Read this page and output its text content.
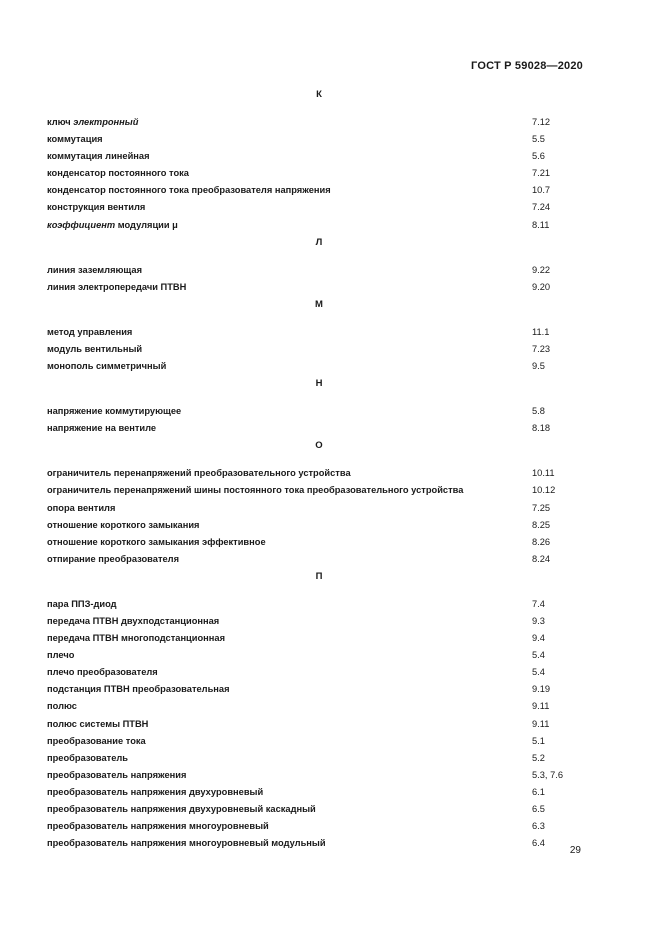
ГОСТ Р 59028—2020
К
ключ электронный	7.12
коммутация	5.5
коммутация линейная	5.6
конденсатор постоянного тока	7.21
конденсатор постоянного тока преобразователя напряжения	10.7
конструкция вентиля	7.24
коэффициент модуляции μ	8.11
Л
линия заземляющая	9.22
линия электропередачи ПТВН	9.20
М
метод управления	11.1
модуль вентильный	7.23
монополь симметричный	9.5
Н
напряжение коммутирующее	5.8
напряжение на вентиле	8.18
О
ограничитель перенапряжений преобразовательного устройства	10.11
ограничитель перенапряжений шины постоянного тока преобразовательного устройства	10.12
опора вентиля	7.25
отношение короткого замыкания	8.25
отношение короткого замыкания эффективное	8.26
отпирание преобразователя	8.24
П
пара ППЗ-диод	7.4
передача ПТВН двухподстанционная	9.3
передача ПТВН многоподстанционная	9.4
плечо	5.4
плечо преобразователя	5.4
подстанция ПТВН преобразовательная	9.19
полюс	9.11
полюс системы ПТВН	9.11
преобразование тока	5.1
преобразователь	5.2
преобразователь напряжения	5.3, 7.6
преобразователь напряжения двухуровневый	6.1
преобразователь напряжения двухуровневый каскадный	6.5
преобразователь напряжения многоуровневый	6.3
преобразователь напряжения многоуровневый модульный	6.4
29
